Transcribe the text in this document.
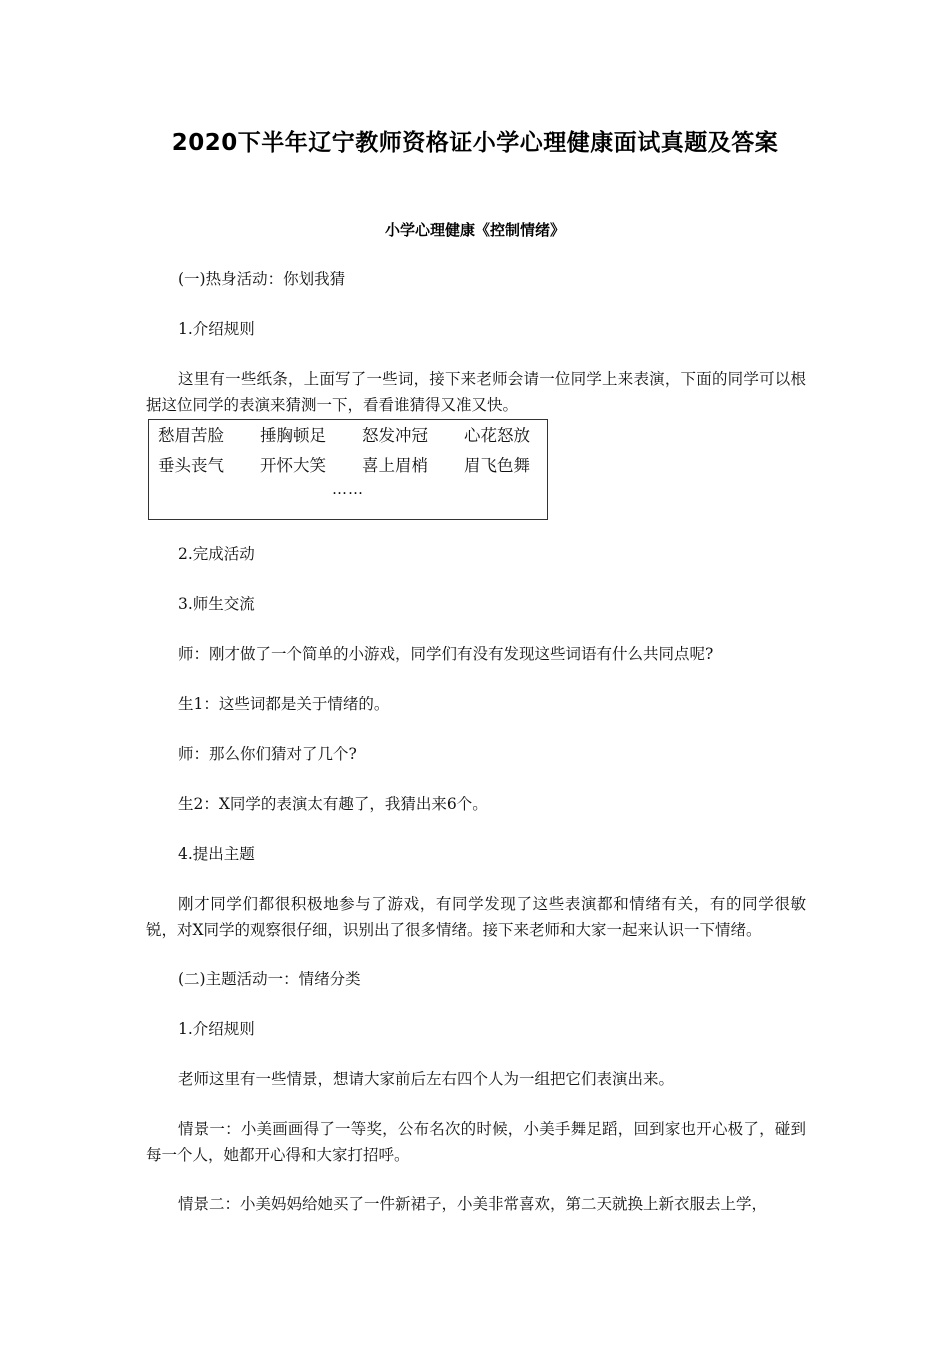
2020下半年辽宁教师资格证小学心理健康面试真题及答案
小学心理健康《控制情绪》

(一)热身活动：你划我猜

1.介绍规则

这里有一些纸条，上面写了一些词，接下来老师会请一位同学上来表演，下面的同学可以根据这位同学的表演来猜测一下，看看谁猜得又准又快。

愁眉苦脸 捶胸顿足 怒发冲冠 心花怒放
垂头丧气 开怀大笑 喜上眉梢 眉飞色舞
……

2.完成活动

3.师生交流

师：刚才做了一个简单的小游戏，同学们有没有发现这些词语有什么共同点呢?

生1：这些词都是关于情绪的。

师：那么你们猜对了几个?

生2：X同学的表演太有趣了，我猜出来6个。

4.提出主题

刚才同学们都很积极地参与了游戏，有同学发现了这些表演都和情绪有关，有的同学很敏锐，对X同学的观察很仔细，识别出了很多情绪。接下来老师和大家一起来认识一下情绪。

(二)主题活动一：情绪分类

1.介绍规则

老师这里有一些情景，想请大家前后左右四个人为一组把它们表演出来。

情景一：小美画画得了一等奖，公布名次的时候，小美手舞足蹈，回到家也开心极了，碰到每一个人，她都开心得和大家打招呼。

情景二：小美妈妈给她买了一件新裙子，小美非常喜欢，第二天就换上新衣服去上学，
